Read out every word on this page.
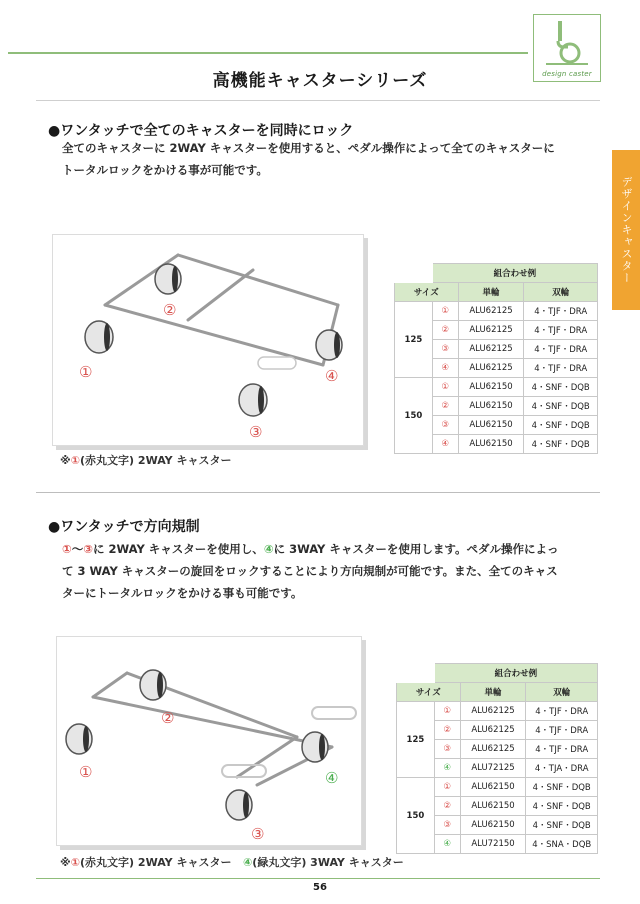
design caster
高機能キャスターシリーズ
デザインキャスター
●ワンタッチで全てのキャスターを同時にロック
全てのキャスターに 2WAY キャスターを使用すると、ペダル操作によって全てのキャスターに
トータルロックをかける事が可能です。
②
①	④
③
※①(赤丸文字) 2WAY キャスター
	組合わせ例		
サイズ		単輪	双輪
125	①	ALU62125	4・TJF・DRA
	②	ALU62125	4・TJF・DRA
	③	ALU62125	4・TJF・DRA
	④	ALU62125	4・TJF・DRA
150	①	ALU62150	4・SNF・DQB
	②	ALU62150	4・SNF・DQB
	③	ALU62150	4・SNF・DQB
	④	ALU62150	4・SNF・DQB
●ワンタッチで方向規制
①〜③に 2WAY キャスターを使用し、④に 3WAY キャスターを使用します。ペダル操作によっ
て 3 WAY キャスターの旋回をロックすることにより方向規制が可能です。また、全てのキャス
ターにトータルロックをかける事も可能です。
②
①	④
③
※①(赤丸文字) 2WAY キャスター ④(緑丸文字) 3WAY キャスター
	組合わせ例		
サイズ		単輪	双輪
125	①	ALU62125	4・TJF・DRA
	②	ALU62125	4・TJF・DRA
	③	ALU62125	4・TJF・DRA
	④	ALU72125	4・TJA・DRA
150	①	ALU62150	4・SNF・DQB
	②	ALU62150	4・SNF・DQB
	③	ALU62150	4・SNF・DQB
	④	ALU72150	4・SNA・DQB
56
